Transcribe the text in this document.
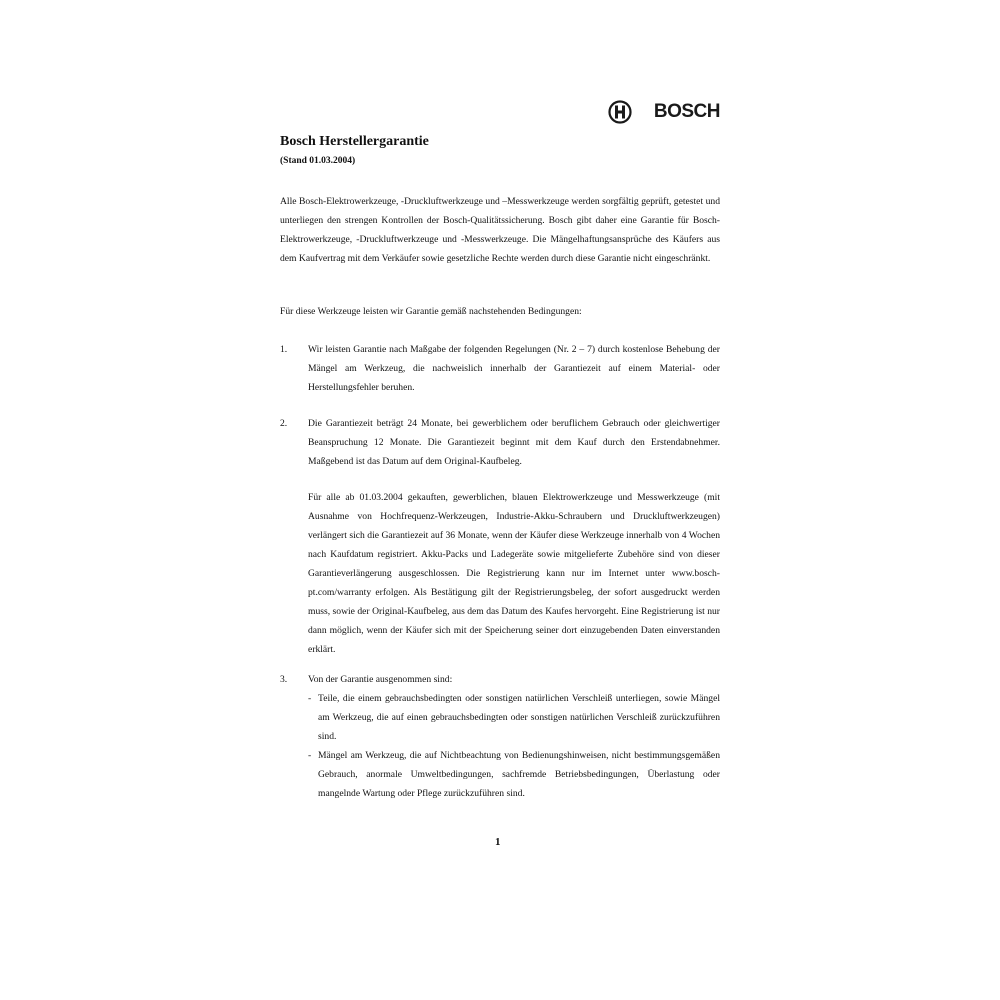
BOSCH
Bosch Herstellergarantie

(Stand 01.03.2004)

Alle Bosch-Elektrowerkzeuge, -Druckluftwerkzeuge und –Messwerkzeuge werden sorgfältig geprüft, getestet und unterliegen den strengen Kontrollen der Bosch-Qualitätssicherung. Bosch gibt daher eine Garantie für Bosch-Elektrowerkzeuge, -Druckluftwerkzeuge und -Messwerkzeuge. Die Mängelhaftungsansprüche des Käufers aus dem Kaufvertrag mit dem Verkäufer sowie gesetzliche Rechte werden durch diese Garantie nicht eingeschränkt.

Für diese Werkzeuge leisten wir Garantie gemäß nachstehenden Bedingungen:

1. Wir leisten Garantie nach Maßgabe der folgenden Regelungen (Nr. 2 – 7) durch kostenlose Behebung der Mängel am Werkzeug, die nachweislich innerhalb der Garantiezeit auf einem Material- oder Herstellungsfehler beruhen.
2. Die Garantiezeit beträgt 24 Monate, bei gewerblichem oder beruflichem Gebrauch oder gleichwertiger Beanspruchung 12 Monate. Die Garantiezeit beginnt mit dem Kauf durch den Erstendabnehmer. Maßgebend ist das Datum auf dem Original-Kaufbeleg.
Für alle ab 01.03.2004 gekauften, gewerblichen, blauen Elektrowerkzeuge und Messwerkzeuge (mit Ausnahme von Hochfrequenz-Werkzeugen, Industrie-Akku-Schraubern und Druckluftwerkzeugen) verlängert sich die Garantiezeit auf 36 Monate, wenn der Käufer diese Werkzeuge innerhalb von 4 Wochen nach Kaufdatum registriert. Akku-Packs und Ladegeräte sowie mitgelieferte Zubehöre sind von dieser Garantieverlängerung ausgeschlossen. Die Registrierung kann nur im Internet unter www.bosch-pt.com/warranty erfolgen. Als Bestätigung gilt der Registrierungsbeleg, der sofort ausgedruckt werden muss, sowie der Original-Kaufbeleg, aus dem das Datum des Kaufes hervorgeht. Eine Registrierung ist nur dann möglich, wenn der Käufer sich mit der Speicherung seiner dort einzugebenden Daten einverstanden erklärt.
3. Von der Garantie ausgenommen sind:
- Teile, die einem gebrauchsbedingten oder sonstigen natürlichen Verschleiß unterliegen, sowie Mängel am Werkzeug, die auf einen gebrauchsbedingten oder sonstigen natürlichen Verschleiß zurückzuführen sind.
- Mängel am Werkzeug, die auf Nichtbeachtung von Bedienungshinweisen, nicht bestimmungsgemäßen Gebrauch, anormale Umweltbedingungen, sachfremde Betriebsbedingungen, Überlastung oder mangelnde Wartung oder Pflege zurückzuführen sind.
1
